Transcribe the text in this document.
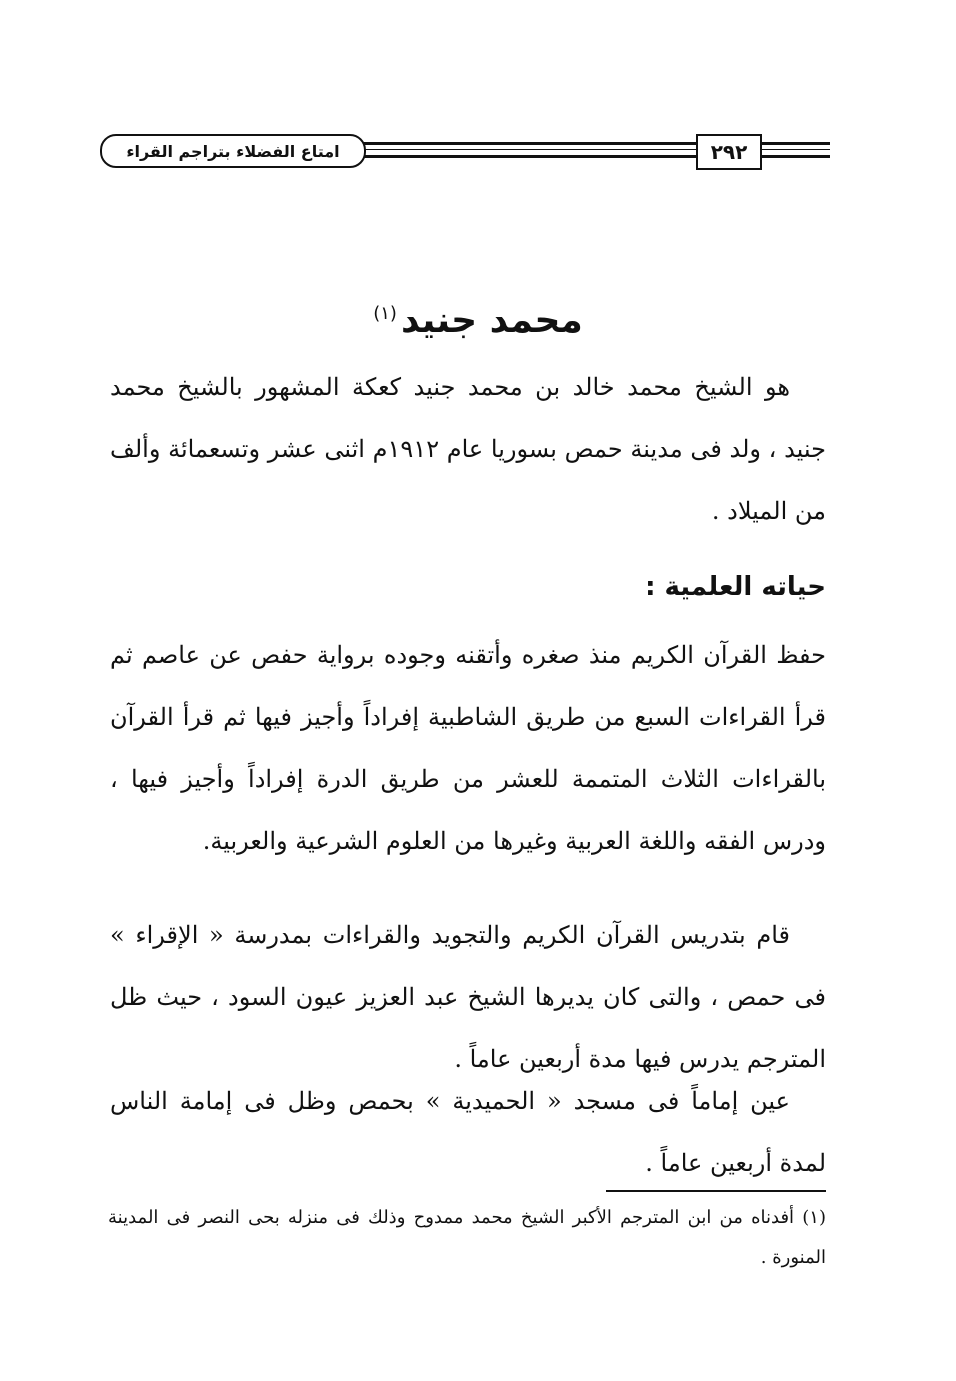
امتاع الفضلاء بتراجم القراء	٢٩٢
محمد جنيد$^{(١)}$

هو الشيخ محمد خالد بن محمد جنيد كعكة المشهور بالشيخ محمد جنيد ، ولد فى مدينة حمص بسوريا عام ١٩١٢م اثنى عشر وتسعمائة وألف من الميلاد .

حياته العلمية :

حفظ القرآن الكريم منذ صغره وأتقنه وجوده برواية حفص عن عاصم ثم قرأ القراءات السبع من طريق الشاطبية إفراداً وأجيز فيها ثم قرأ القرآن بالقراءات الثلاث المتممة للعشر من طريق الدرة إفراداً وأجيز فيها ، ودرس الفقه واللغة العربية وغيرها من العلوم الشرعية والعربية.

قام بتدريس القرآن الكريم والتجويد والقراءات بمدرسة « الإقراء » فى حمص ، والتى كان يديرها الشيخ عبد العزيز عيون السود ، حيث ظل المترجم يدرس فيها مدة أربعين عاماً .

عين إماماً فى مسجد « الحميدية » بحمص وظل فى إمامة الناس لمدة أربعين عاماً .

(١) أفدناه من ابن المترجم الأكبر الشيخ محمد ممدوح وذلك فى منزله بحى النصر فى المدينة المنورة .
